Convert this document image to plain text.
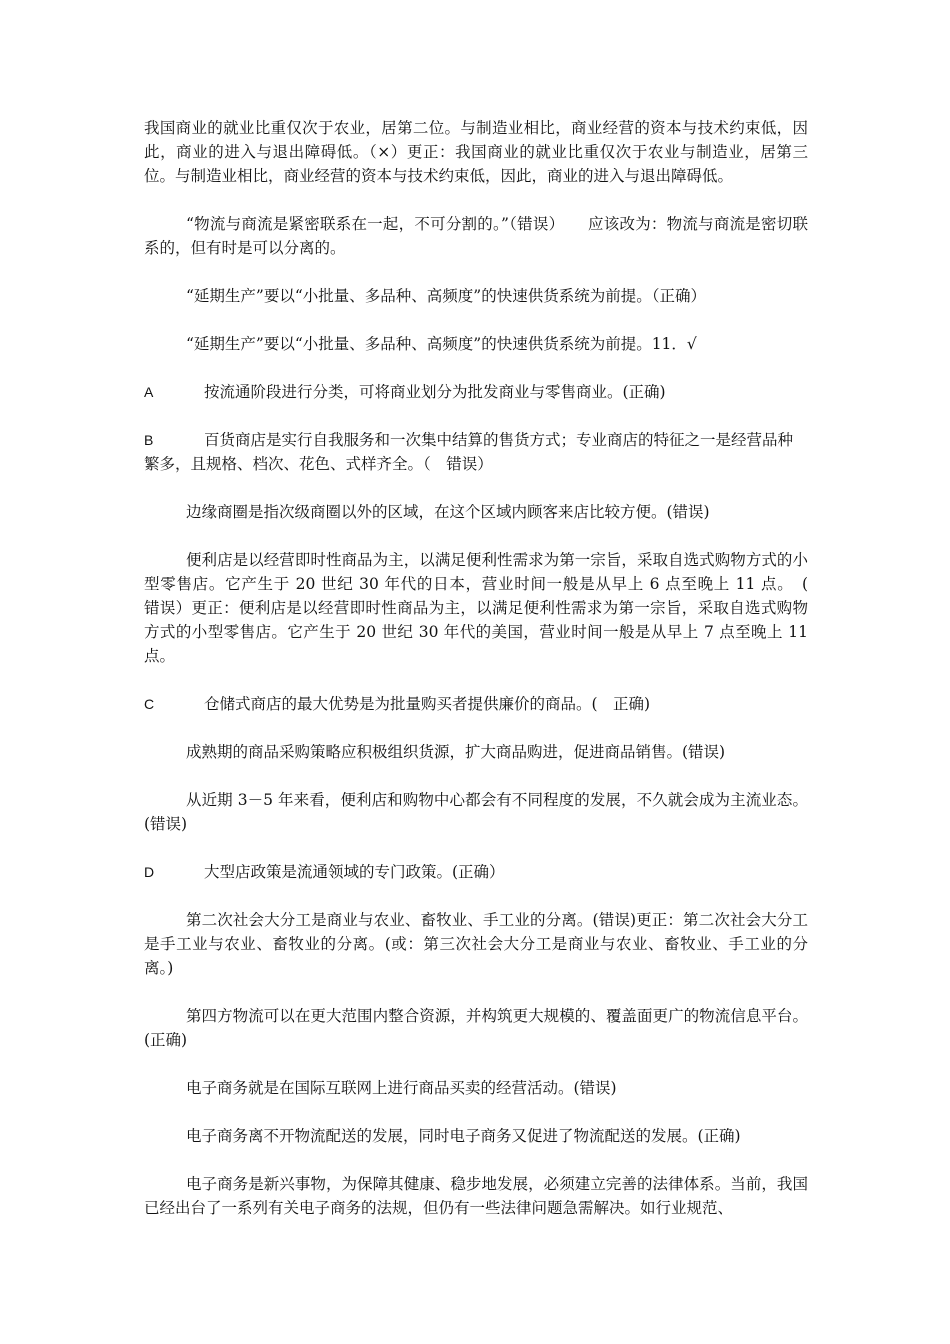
我国商业的就业比重仅次于农业，居第二位。与制造业相比，商业经营的资本与技术约束低，因此，商业的进入与退出障碍低。（×）更正：我国商业的就业比重仅次于农业与制造业，居第三位。与制造业相比，商业经营的资本与技术约束低，因此，商业的进入与退出障碍低。

“物流与商流是紧密联系在一起，不可分割的。”（错误）　　应该改为：物流与商流是密切联系的，但有时是可以分离的。

“延期生产”要以“小批量、多品种、高频度”的快速供货系统为前提。（正确）

“延期生产”要以“小批量、多品种、高频度”的快速供货系统为前提。11．√

A	按流通阶段进行分类，可将商业划分为批发商业与零售商业。(正确)

B	百货商店是实行自我服务和一次集中结算的售货方式；专业商店的特征之一是经营品种繁多，且规格、档次、花色、式样齐全。（　错误）

边缘商圈是指次级商圈以外的区域，在这个区域内顾客来店比较方便。(错误)

便利店是以经营即时性商品为主，以满足便利性需求为第一宗旨，采取自选式购物方式的小型零售店。它产生于 20 世纪 30 年代的日本，营业时间一般是从早上 6 点至晚上 11 点。　(　　错误）更正：便利店是以经营即时性商品为主，以满足便利性需求为第一宗旨，采取自选式购物方式的小型零售店。它产生于 20 世纪 30 年代的美国，营业时间一般是从早上 7 点至晚上 11 点。

C	仓储式商店的最大优势是为批量购买者提供廉价的商品。(　正确)

成熟期的商品采购策略应积极组织货源，扩大商品购进，促进商品销售。(错误)

从近期 3－5 年来看，便利店和购物中心都会有不同程度的发展，不久就会成为主流业态。(错误)

D	大型店政策是流通领域的专门政策。(正确）

第二次社会大分工是商业与农业、畜牧业、手工业的分离。(错误)更正：第二次社会大分工是手工业与农业、畜牧业的分离。(或：第三次社会大分工是商业与农业、畜牧业、手工业的分离。)

第四方物流可以在更大范围内整合资源，并构筑更大规模的、覆盖面更广的物流信息平台。(正确)

电子商务就是在国际互联网上进行商品买卖的经营活动。(错误)

电子商务离不开物流配送的发展，同时电子商务又促进了物流配送的发展。(正确)

电子商务是新兴事物，为保障其健康、稳步地发展，必须建立完善的法律体系。当前，我国已经出台了一系列有关电子商务的法规，但仍有一些法律问题急需解决。如行业规范、
